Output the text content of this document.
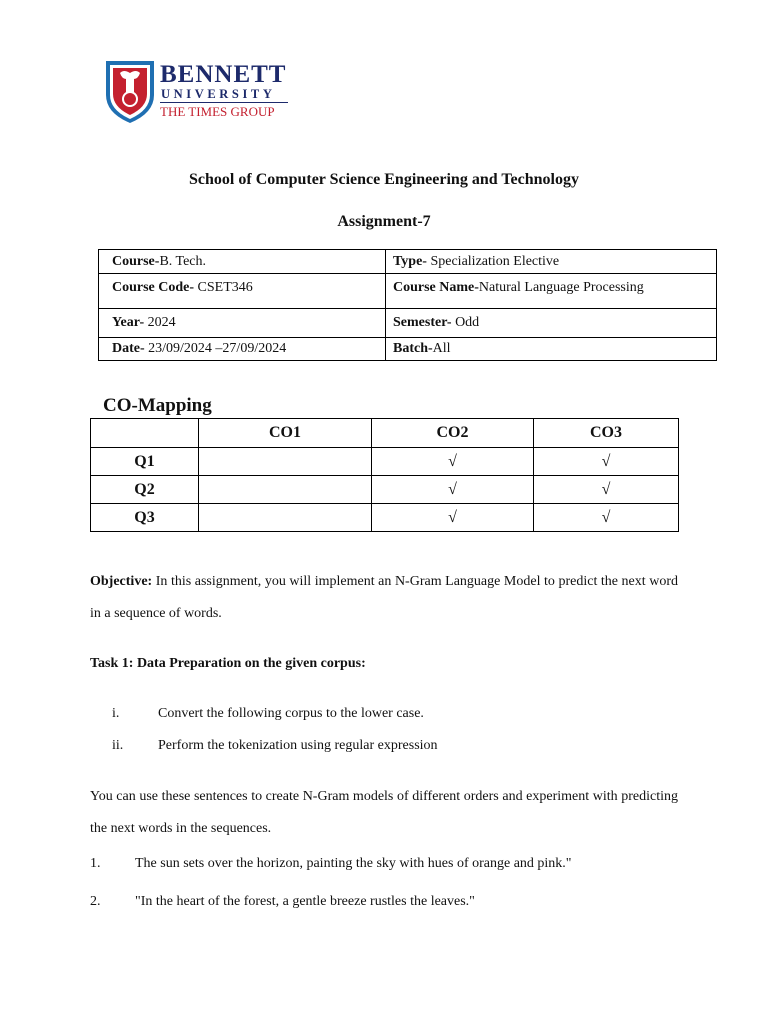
BENNETT
UNIVERSITY
THE TIMES GROUP
School of Computer Science Engineering and Technology
Assignment-7
Course-B. Tech.	Type- Specialization Elective
Course Code- CSET346	Course Name-Natural Language Processing
Year- 2024	Semester- Odd
Date- 23/09/2024 –27/09/2024	Batch-All
CO-Mapping
	CO1	CO2	CO3
Q1		√	√
Q2		√	√
Q3		√	√
Objective: In this assignment, you will implement an N-Gram Language Model to predict the next word in a sequence of words.
Task 1: Data Preparation on the given corpus:
i.	Convert the following corpus to the lower case.
ii. Perform the tokenization using regular expression
You can use these sentences to create N-Gram models of different orders and experiment with predicting the next words in the sequences.
1. The sun sets over the horizon, painting the sky with hues of orange and pink."
2. "In the heart of the forest, a gentle breeze rustles the leaves."
